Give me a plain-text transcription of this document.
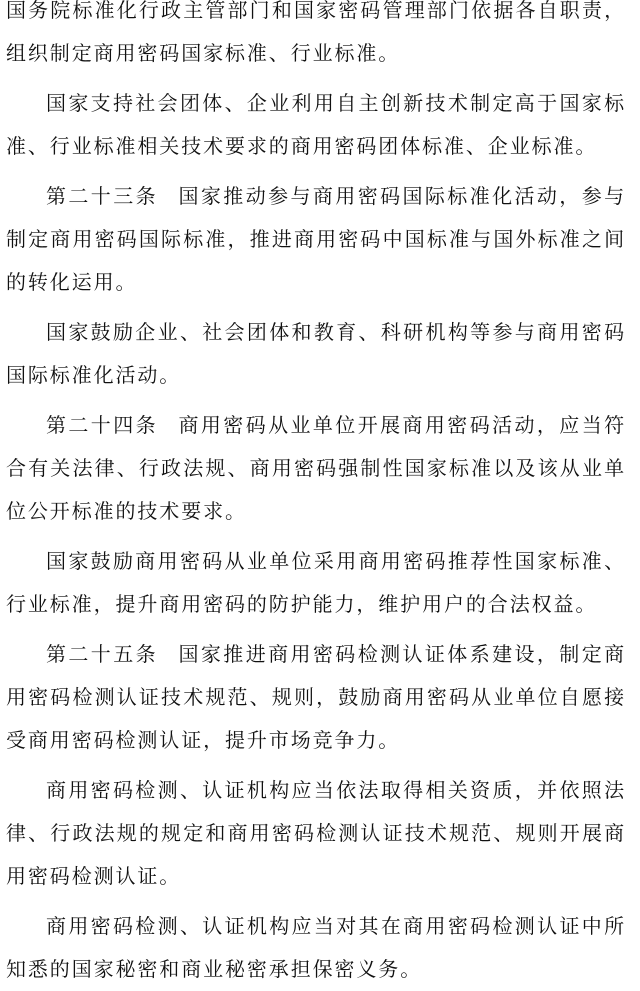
国务院标准化行政主管部门和国家密码管理部门依据各自职责，组织制定商用密码国家标准、行业标准。

国家支持社会团体、企业利用自主创新技术制定高于国家标准、行业标准相关技术要求的商用密码团体标准、企业标准。

第二十三条 国家推动参与商用密码国际标准化活动，参与制定商用密码国际标准，推进商用密码中国标准与国外标准之间的转化运用。

国家鼓励企业、社会团体和教育、科研机构等参与商用密码国际标准化活动。

第二十四条 商用密码从业单位开展商用密码活动，应当符合有关法律、行政法规、商用密码强制性国家标准以及该从业单位公开标准的技术要求。

国家鼓励商用密码从业单位采用商用密码推荐性国家标准、行业标准，提升商用密码的防护能力，维护用户的合法权益。

第二十五条 国家推进商用密码检测认证体系建设，制定商用密码检测认证技术规范、规则，鼓励商用密码从业单位自愿接受商用密码检测认证，提升市场竞争力。

商用密码检测、认证机构应当依法取得相关资质，并依照法律、行政法规的规定和商用密码检测认证技术规范、规则开展商用密码检测认证。

商用密码检测、认证机构应当对其在商用密码检测认证中所知悉的国家秘密和商业秘密承担保密义务。
